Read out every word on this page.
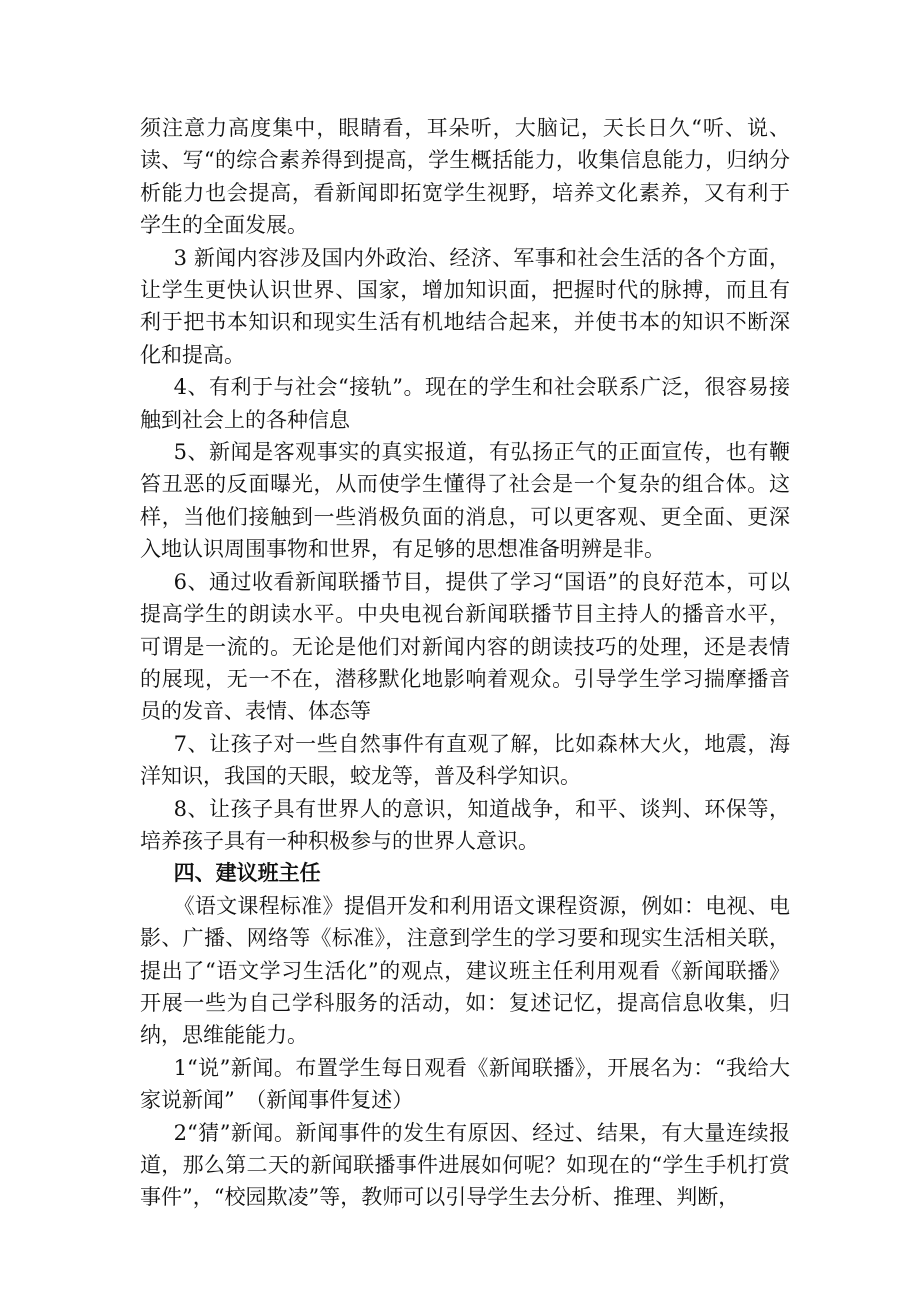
须注意力高度集中，眼睛看，耳朵听，大脑记，天长日久“听、说、读、写“的综合素养得到提高，学生概括能力，收集信息能力，归纳分析能力也会提高，看新闻即拓宽学生视野，培养文化素养，又有利于学生的全面发展。

3 新闻内容涉及国内外政治、经济、军事和社会生活的各个方面，让学生更快认识世界、国家，增加知识面，把握时代的脉搏，而且有利于把书本知识和现实生活有机地结合起来，并使书本的知识不断深化和提高。

4、有利于与社会“接轨”。现在的学生和社会联系广泛，很容易接触到社会上的各种信息

5、新闻是客观事实的真实报道，有弘扬正气的正面宣传，也有鞭笞丑恶的反面曝光，从而使学生懂得了社会是一个复杂的组合体。这样，当他们接触到一些消极负面的消息，可以更客观、更全面、更深入地认识周围事物和世界，有足够的思想准备明辨是非。

6、通过收看新闻联播节目，提供了学习“国语”的良好范本，可以提高学生的朗读水平。中央电视台新闻联播节目主持人的播音水平，可谓是一流的。无论是他们对新闻内容的朗读技巧的处理，还是表情的展现，无一不在，潜移默化地影响着观众。引导学生学习揣摩播音员的发音、表情、体态等

7、让孩子对一些自然事件有直观了解，比如森林大火，地震，海洋知识，我国的天眼，蛟龙等，普及科学知识。

8、让孩子具有世界人的意识，知道战争，和平、谈判、环保等，培养孩子具有一种积极参与的世界人意识。

四、建议班主任

《语文课程标准》提倡开发和利用语文课程资源，例如：电视、电影、广播、网络等《标准》，注意到学生的学习要和现实生活相关联，提出了“语文学习生活化”的观点，建议班主任利用观看《新闻联播》开展一些为自己学科服务的活动，如：复述记忆，提高信息收集，归纳，思维能能力。

1“说”新闻。布置学生每日观看《新闻联播》，开展名为：“我给大家说新闻”　（新闻事件复述）

2“猜”新闻。新闻事件的发生有原因、经过、结果，有大量连续报道，那么第二天的新闻联播事件进展如何呢？如现在的“学生手机打赏事件”，“校园欺凌”等，教师可以引导学生去分析、推理、判断，
